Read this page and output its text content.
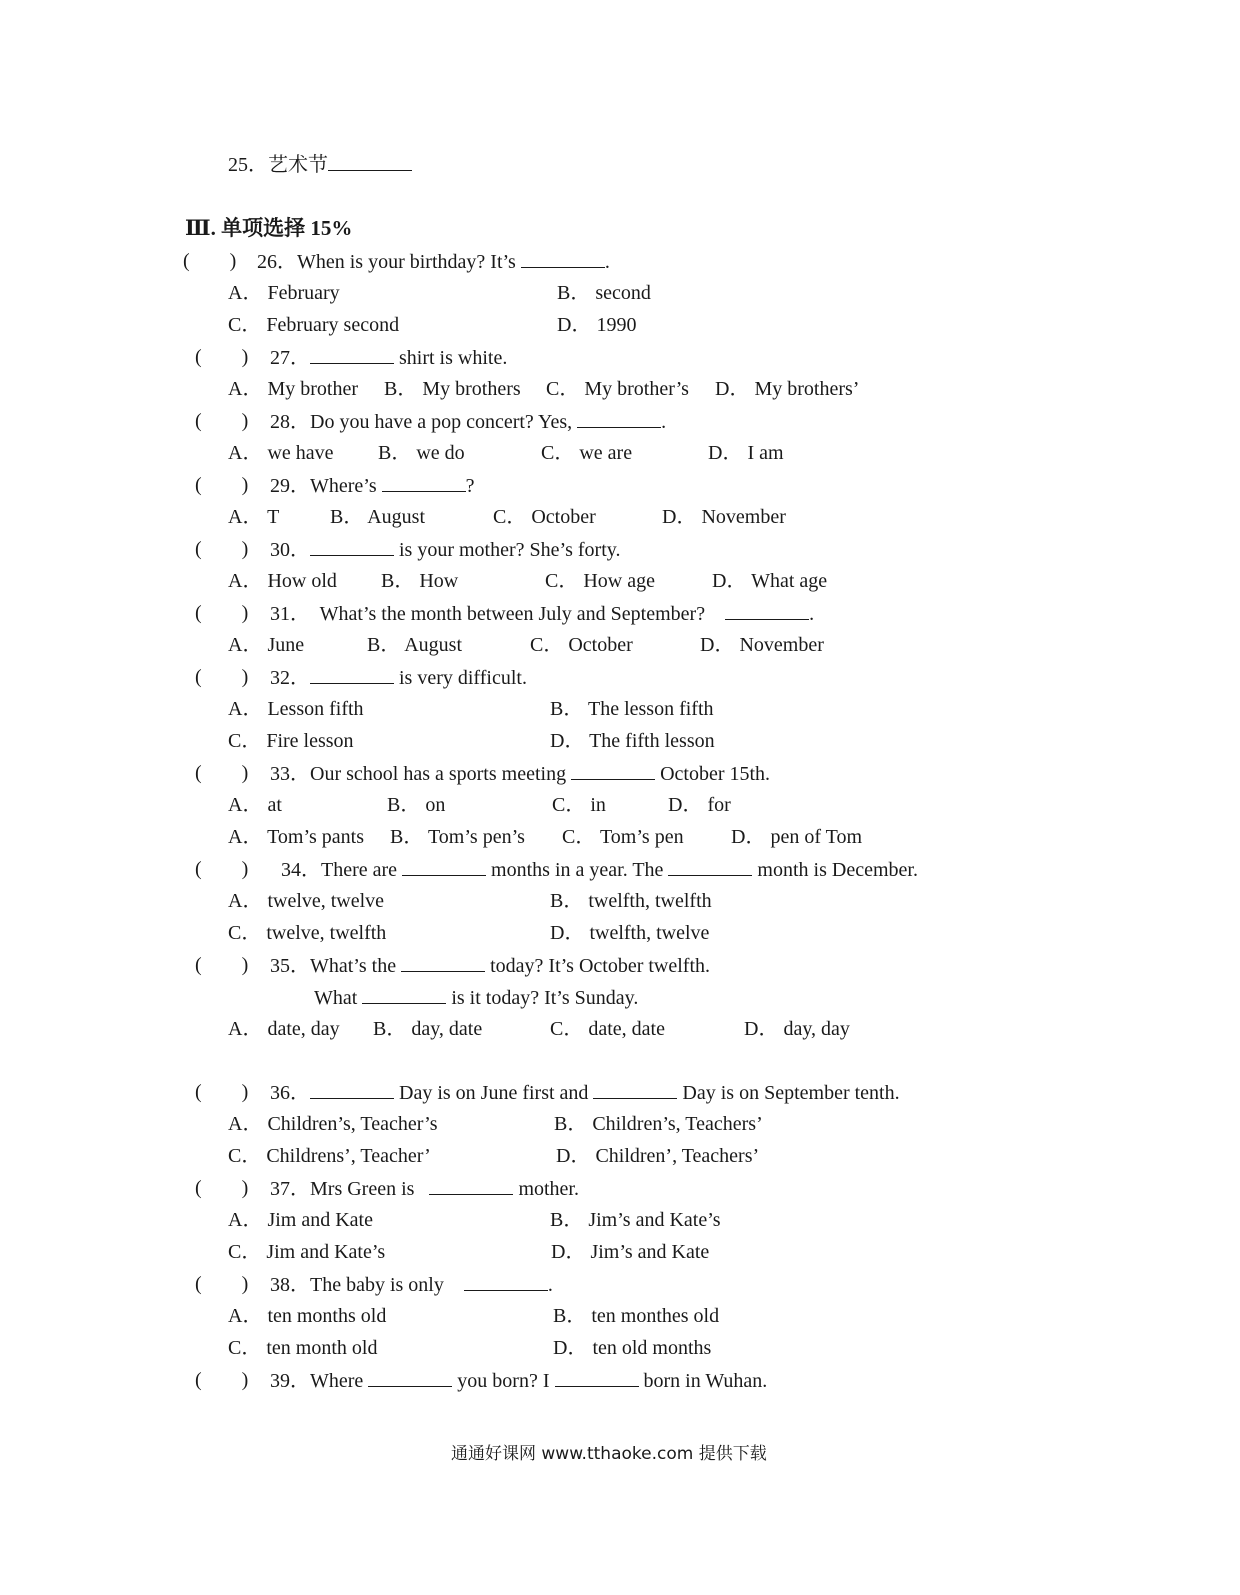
25．艺术节
Ⅲ. 单项选择 15%
(　　) 26．When is your birthday? It’s	.
A． February	B． second
C． February second	D． 1990
(　　) 27．	shirt is white.
A． My brother B． My brothers C． My brother’s D． My brothers’
(　　) 28．Do you have a pop concert? Yes,	.
A． we have B． we do	C． we are	D． I am
(　　) 29．Where’s	?
A． T	B． August	C． October	D． November
(　　) 30．	is your mother? She’s forty.
A． How old B． How	C． How age	D． What age
(　　) 31． What’s the month between July and September?	.
A． June	B． August	C． October	D． November
(　　) 32．	is very difficult.
A． Lesson fifth	B． The lesson fifth
C． Fire lesson	D． The fifth lesson
(　　) 33．Our school has a sports meeting	October 15th.
A． at	B． on	C． in	D． for
A． Tom’s pants B． Tom’s pen’s C． Tom’s pen D． pen of Tom
(　　) 34．There are	months in a year. The	month is December.
A． twelve, twelve	B． twelfth, twelfth
C． twelve, twelfth	D． twelfth, twelve
(　　) 35．What’s the	today? It’s October twelfth.
What	is it today? It’s Sunday.
A． date, day B． day, date	C． date, date	D． day, day
(　　) 36．	Day is on June first and	Day is on September tenth.
A． Children’s, Teacher’s	B． Children’s, Teachers’
C． Childrens’, Teacher’	D． Children’, Teachers’
(　　) 37．Mrs Green is	mother.
A． Jim and Kate	B． Jim’s and Kate’s
C． Jim and Kate’s	D． Jim’s and Kate
(　　) 38．The baby is only	.
A． ten months old	B． ten monthes old
C． ten month old	D． ten old months
(　　) 39．Where	you born? I	born in Wuhan.
通通好课网 www.tthaoke.com 提供下载
